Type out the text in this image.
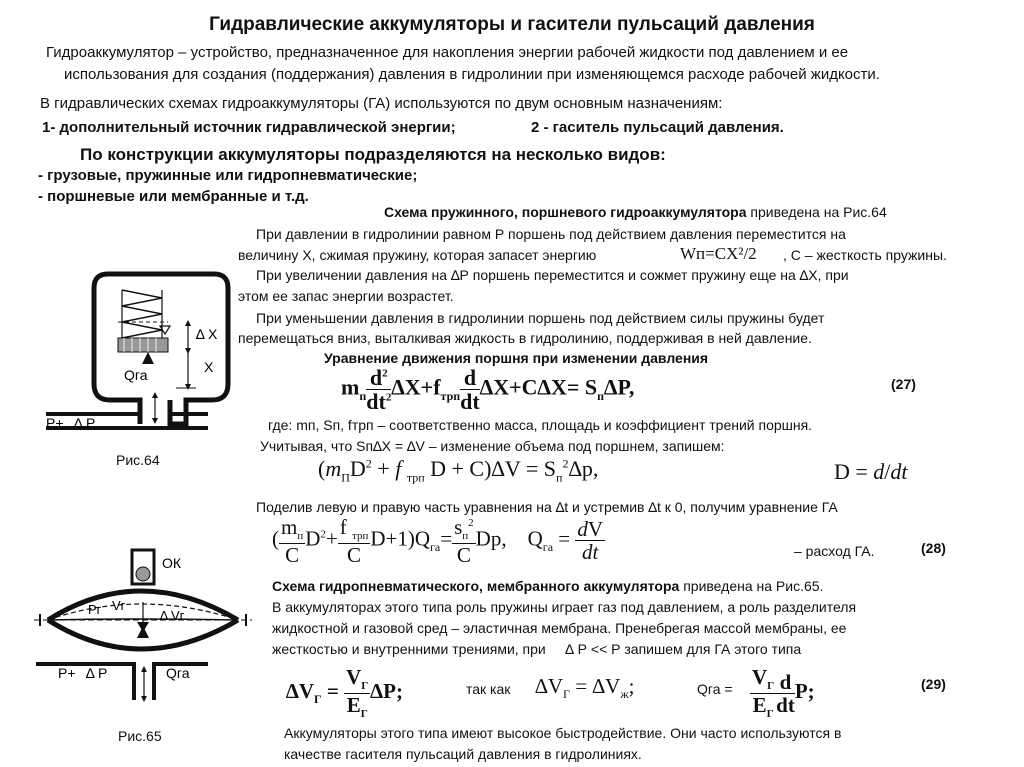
Гидравлические аккумуляторы и гасители пульсаций давления
Гидроаккумулятор – устройство, предназначенное для накопления энергии рабочей жидкости под давлением и ее
использования для создания (поддержания) давления в гидролинии при изменяющемся расходе рабочей жидкости.
В гидравлических схемах гидроаккумуляторы (ГА) используются по двум основным назначениям:
1- дополнительный источник гидравлической энергии;	2 - гаситель пульсаций давления.
По конструкции аккумуляторы подразделяются на несколько видов:
- грузовые, пружинные или гидропневматические;
- поршневые или мембранные и т.д.
Схема пружинного, поршневого гидроаккумулятора приведена на Рис.64
При давлении в гидролинии равном Р поршень под действием давления переместится на
величину X, сжимая пружину, которая запасет энергию	Wп=CX²/2 , C – жесткость пружины.
При увеличении давления на ∆Р поршень переместится и сожмет пружину еще на ∆Х, при
этом ее запас энергии возрастет.
При уменьшении давления в гидролинии поршень под действием силы пружины будет
перемещаться вниз, выталкивая жидкость в гидролинию, поддерживая в ней давление.
Уравнение движения поршня при изменении давления
$m_п \frac{d^2}{dt^2} \Delta X+f_{трп} \frac{d}{dt} \Delta X+C\Delta X= S_п\Delta P$,	(27)
где: mп, Sп, fтрп – соответственно масса, площадь и коэффициент трений поршня.
Учитывая, что Sп∆Х = ∆V – изменение объема под поршнем, запишем:
($m_ПD^2 + f$ $_{трп}$ $D + C)\Delta V = S_п^2\Delta p$,	D = d/dt
Поделив левую и правую часть уравнения на ∆t и устремив ∆t к 0, получим уравнение ГА
( $\frac{m_п}{C} D^2+ \frac{f _{трп}}{C} D+1)Q_{га}= \frac{s_п^2}{C} Dp$,    $Q_{га} = \frac{dV}{dt}$	– расход ГА.	(28)
Схема гидропневматического, мембранного аккумулятора приведена на Рис.65.
В аккумуляторах этого типа роль пружины играет газ под давлением, а роль разделителя
жидкостной и газовой сред – эластичная мембрана. Пренебрегая массой мембраны, ее
жесткостью и внутренними трениями, при ∆ Р << Р запишем для ГА этого типа
$\Delta V_Г = \frac{V_Г}{E_Г} \Delta P$;	так как $\Delta V_Г = \Delta V_ж$;	Qга = $\frac{V_Г}{E_Г} \frac{d}{dt} P$;	(29)
Аккумуляторы этого типа имеют высокое быстродействие. Они часто используются в
качестве гасителя пульсаций давления в гидролиниях.
∆ Х
Х
Qга
P+ ∆ P
Рис.64
ОК
Pг Vг
∆ Vг
P+ ∆ P	Qга
Рис.65
